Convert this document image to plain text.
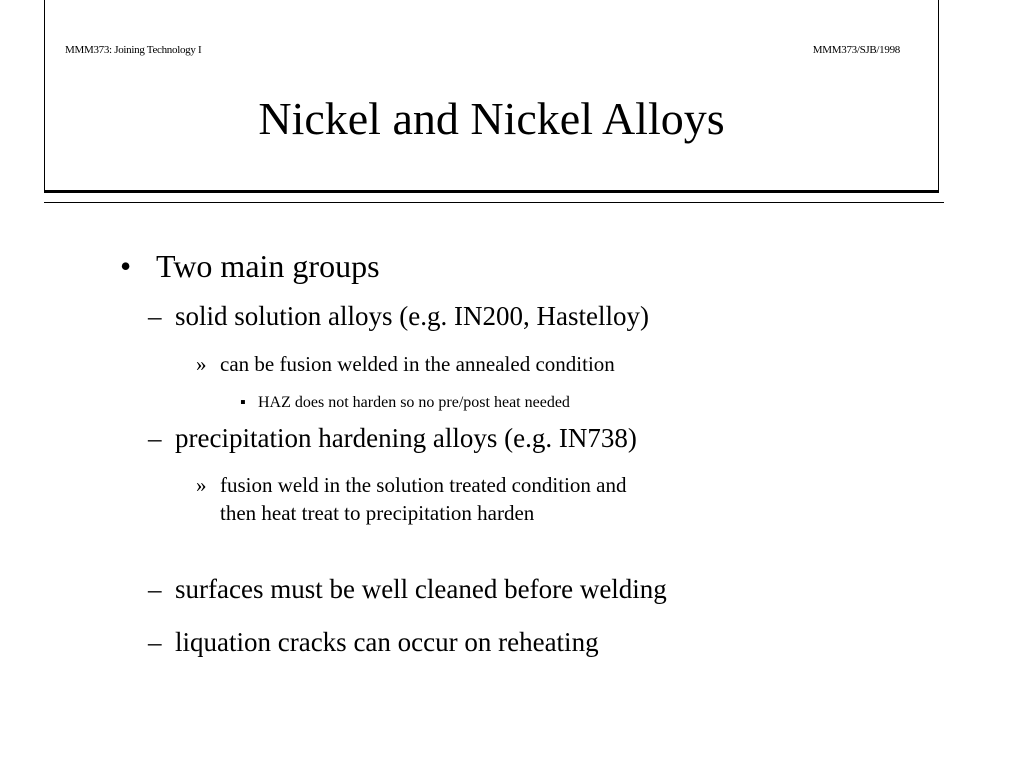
MMM373: Joining Technology I	MMM373/SJB/1998
Nickel and Nickel Alloys
• Two main groups
– solid solution alloys (e.g. IN200, Hastelloy)
» can be fusion welded in the annealed condition
▪ HAZ does not harden so no pre/post heat needed
– precipitation hardening alloys (e.g. IN738)
» fusion weld in the solution treated condition and
then heat treat to precipitation harden
– surfaces must be well cleaned before welding
– liquation cracks can occur on reheating
